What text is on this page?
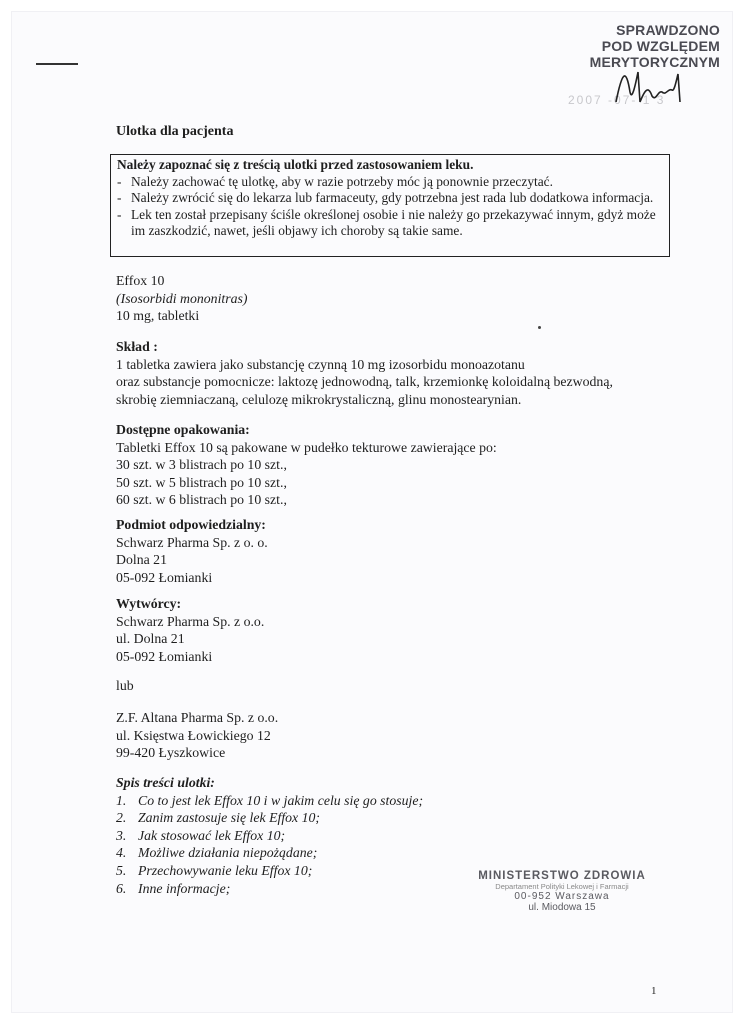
SPRAWDZONO
POD WZGLĘDEM
MERYTORYCZNYM
2007 -07- 1 3
Ulotka dla pacjenta
Należy zapoznać się z treścią ulotki przed zastosowaniem leku.
- Należy zachować tę ulotkę, aby w razie potrzeby móc ją ponownie przeczytać.
- Należy zwrócić się do lekarza lub farmaceuty, gdy potrzebna jest rada lub dodatkowa informacja.
- Lek ten został przepisany ściśle określonej osobie i nie należy go przekazywać innym, gdyż może im zaszkodzić, nawet, jeśli objawy ich choroby są takie same.
Effox 10
(Isosorbidi mononitras)
10 mg, tabletki
Skład :
1 tabletka zawiera jako substancję czynną 10 mg izosorbidu monoazotanu
oraz substancje pomocnicze: laktozę jednowodną, talk, krzemionkę koloidalną bezwodną,
skrobię ziemniaczaną, celulozę mikrokrystaliczną, glinu monostearynian.
Dostępne opakowania:
Tabletki Effox 10 są pakowane w pudełko tekturowe zawierające po:
30 szt. w 3 blistrach po 10 szt.,
50 szt. w 5 blistrach po 10 szt.,
60 szt. w 6 blistrach po 10 szt.,
Podmiot odpowiedzialny:
Schwarz Pharma Sp. z o. o.
Dolna 21
05-092 Łomianki
Wytwórcy:
Schwarz Pharma Sp. z o.o.
ul. Dolna 21
05-092 Łomianki
lub
Z.F. Altana Pharma Sp. z o.o.
ul. Księstwa Łowickiego 12
99-420 Łyszkowice
Spis treści ulotki:
1. Co to jest lek Effox 10 i w jakim celu się go stosuje;
2. Zanim zastosuje się lek Effox 10;
3. Jak stosować lek Effox 10;
4. Możliwe działania niepożądane;
5. Przechowywanie leku Effox 10;
6. Inne informacje;
MINISTERSTWO ZDROWIA
Departament Polityki Lekowej i Farmacji
00-952 Warszawa
ul. Miodowa 15
1
